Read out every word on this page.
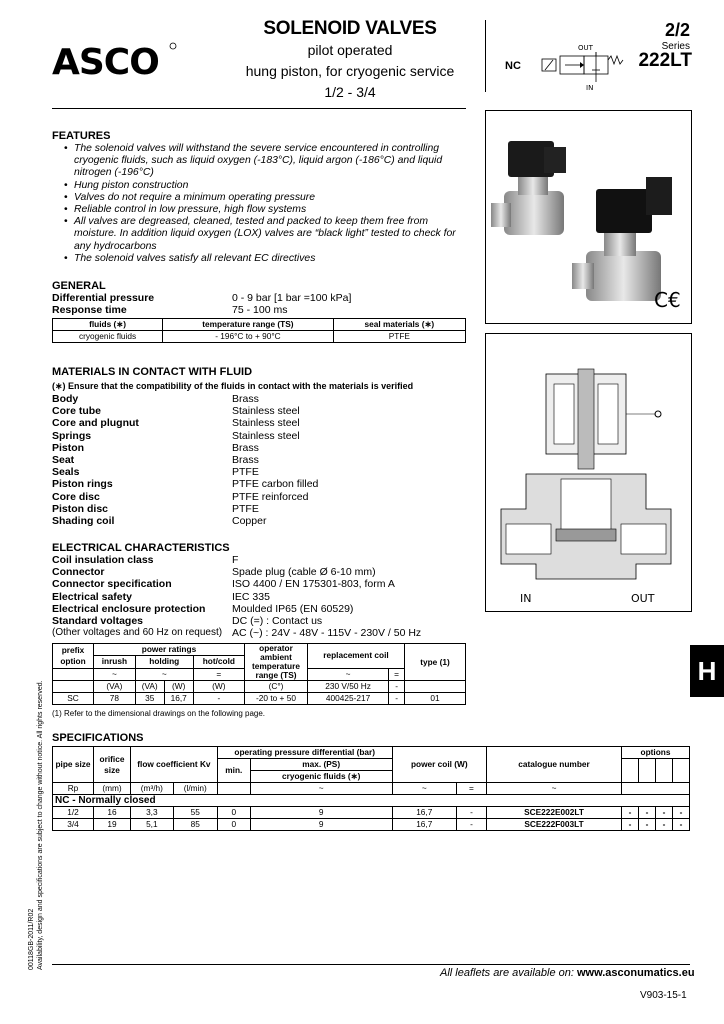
ASCO
SOLENOID VALVES
pilot operated
hung piston, for cryogenic service
1/2 - 3/4
NC
OUT
IN
2/2
Series
222LT
C€
IN	OUT
FEATURES
• The solenoid valves will withstand the severe service encountered in controlling cryogenic fluids, such as liquid oxygen (-183°C), liquid argon (-186°C) and liquid nitrogen (-196°C)
• Hung piston construction
• Valves do not require a minimum operating pressure
• Reliable control in low pressure, high flow systems
• All valves are degreased, cleaned, tested and packed to keep them free from moisture. In addition liquid oxygen (LOX) valves are “black light” tested to check for any hydrocarbons
• The solenoid valves satisfy all relevant EC directives
GENERAL
Differential pressure	0 - 9 bar [1 bar =100 kPa]
Response time	75 - 100 ms
fluids (∗)	temperature range (TS)	seal materials (∗)
cryogenic fluids	- 196°C to + 90°C	PTFE
MATERIALS IN CONTACT WITH FLUID
(∗) Ensure that the compatibility of the fluids in contact with the materials is verified
Body	Brass
Core tube	Stainless steel
Core and plugnut	Stainless steel
Springs	Stainless steel
Piston	Brass
Seat	Brass
Seals	PTFE
Piston rings	PTFE carbon filled
Core disc	PTFE reinforced
Piston disc	PTFE
Shading coil	Copper
ELECTRICAL CHARACTERISTICS
Coil insulation class	F
Connector	Spade plug (cable Ø 6-10 mm)
Connector specification	ISO 4400 / EN 175301-803, form A
Electrical safety	IEC 335
Electrical enclosure protection	Moulded IP65 (EN 60529)
Standard voltages	DC (=) : Contact us
(Other voltages and 60 Hz on request) AC (~) : 24V - 48V - 115V - 230V / 50 Hz
prefix
option	power ratings				operator
ambient
temperature
range (TS)	replacement coil		type (1)
	inrush	holding		hot/cold				
	~	~		=		~	=	
	(VA)	(VA)	(W)	(W)	(C°)	230 V/50 Hz	-	
SC	78	35	16,7	-	-20 to + 50	400425-217	-	01
(1) Refer to the dimensional drawings on the following page.
SPECIFICATIONS
pipe size	orifice size	flow coefficient Kv		operating pressure differential (bar)		power coil (W)		catalogue number	options			
				min.	max. (PS)							
					cryogenic fluids (∗)							
Rp	(mm)	(m³/h)	(l/min)		~	~	=	~				
NC - Normally closed												
1/2	16	3,3	55	0	9	16,7	-	SCE222E002LT	-	-	-	-
3/4	19	5,1	85	0	9	16,7	-	SCE222F003LT	-	-	-	-
00118GB-2011/R02 Availability, design and specifications are subject to change without notice. All rights reserved.
H
All leaflets are available on: www.asconumatics.eu
V903-15-1
